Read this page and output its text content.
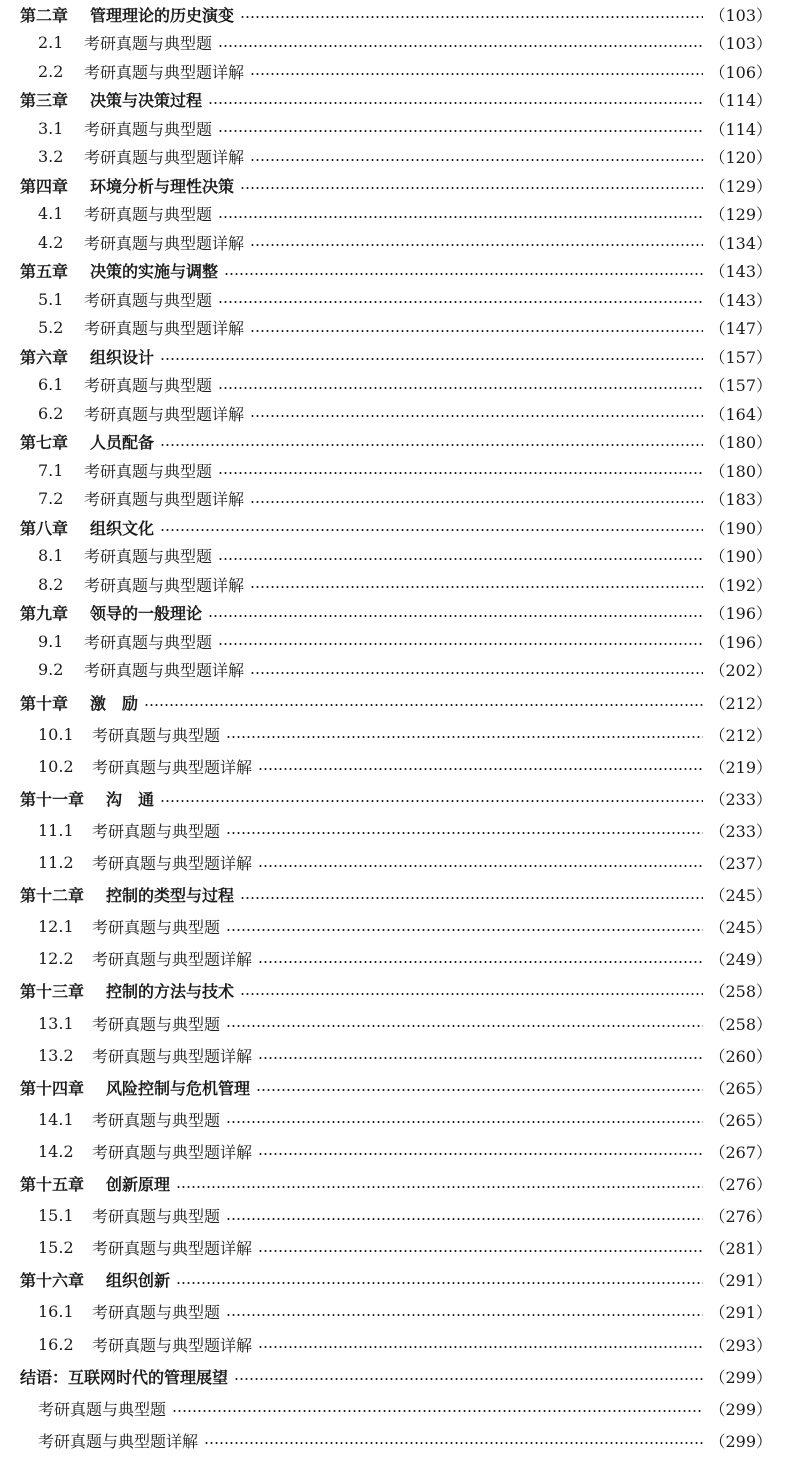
第二章 管理理论的历史演变	（103）
2.1	考研真题与典型题	（103）
2.2	考研真题与典型题详解	（106）
第三章 决策与决策过程	（114）
3.1	考研真题与典型题	（114）
3.2	考研真题与典型题详解	（120）
第四章 环境分析与理性决策	（129）
4.1	考研真题与典型题	（129）
4.2	考研真题与典型题详解	（134）
第五章 决策的实施与调整	（143）
5.1	考研真题与典型题	（143）
5.2	考研真题与典型题详解	（147）
第六章 组织设计	（157）
6.1	考研真题与典型题	（157）
6.2	考研真题与典型题详解	（164）
第七章 人员配备	（180）
7.1	考研真题与典型题	（180）
7.2	考研真题与典型题详解	（183）
第八章 组织文化	（190）
8.1	考研真题与典型题	（190）
8.2	考研真题与典型题详解	（192）
第九章 领导的一般理论	（196）
9.1	考研真题与典型题	（196）
9.2	考研真题与典型题详解	（202）
第十章 激　励	（212）
10.1 考研真题与典型题	（212）
10.2 考研真题与典型题详解	（219）
第十一章 沟　通	（233）
11.1 考研真题与典型题	（233）
11.2 考研真题与典型题详解	（237）
第十二章 控制的类型与过程	（245）
12.1 考研真题与典型题	（245）
12.2 考研真题与典型题详解	（249）
第十三章 控制的方法与技术	（258）
13.1 考研真题与典型题	（258）
13.2 考研真题与典型题详解	（260）
第十四章 风险控制与危机管理	（265）
14.1 考研真题与典型题	（265）
14.2 考研真题与典型题详解	（267）
第十五章 创新原理	（276）
15.1 考研真题与典型题	（276）
15.2 考研真题与典型题详解	（281）
第十六章 组织创新	（291）
16.1 考研真题与典型题	（291）
16.2 考研真题与典型题详解	（293）
结语：互联网时代的管理展望	（299）
考研真题与典型题	（299）
考研真题与典型题详解	（299）
